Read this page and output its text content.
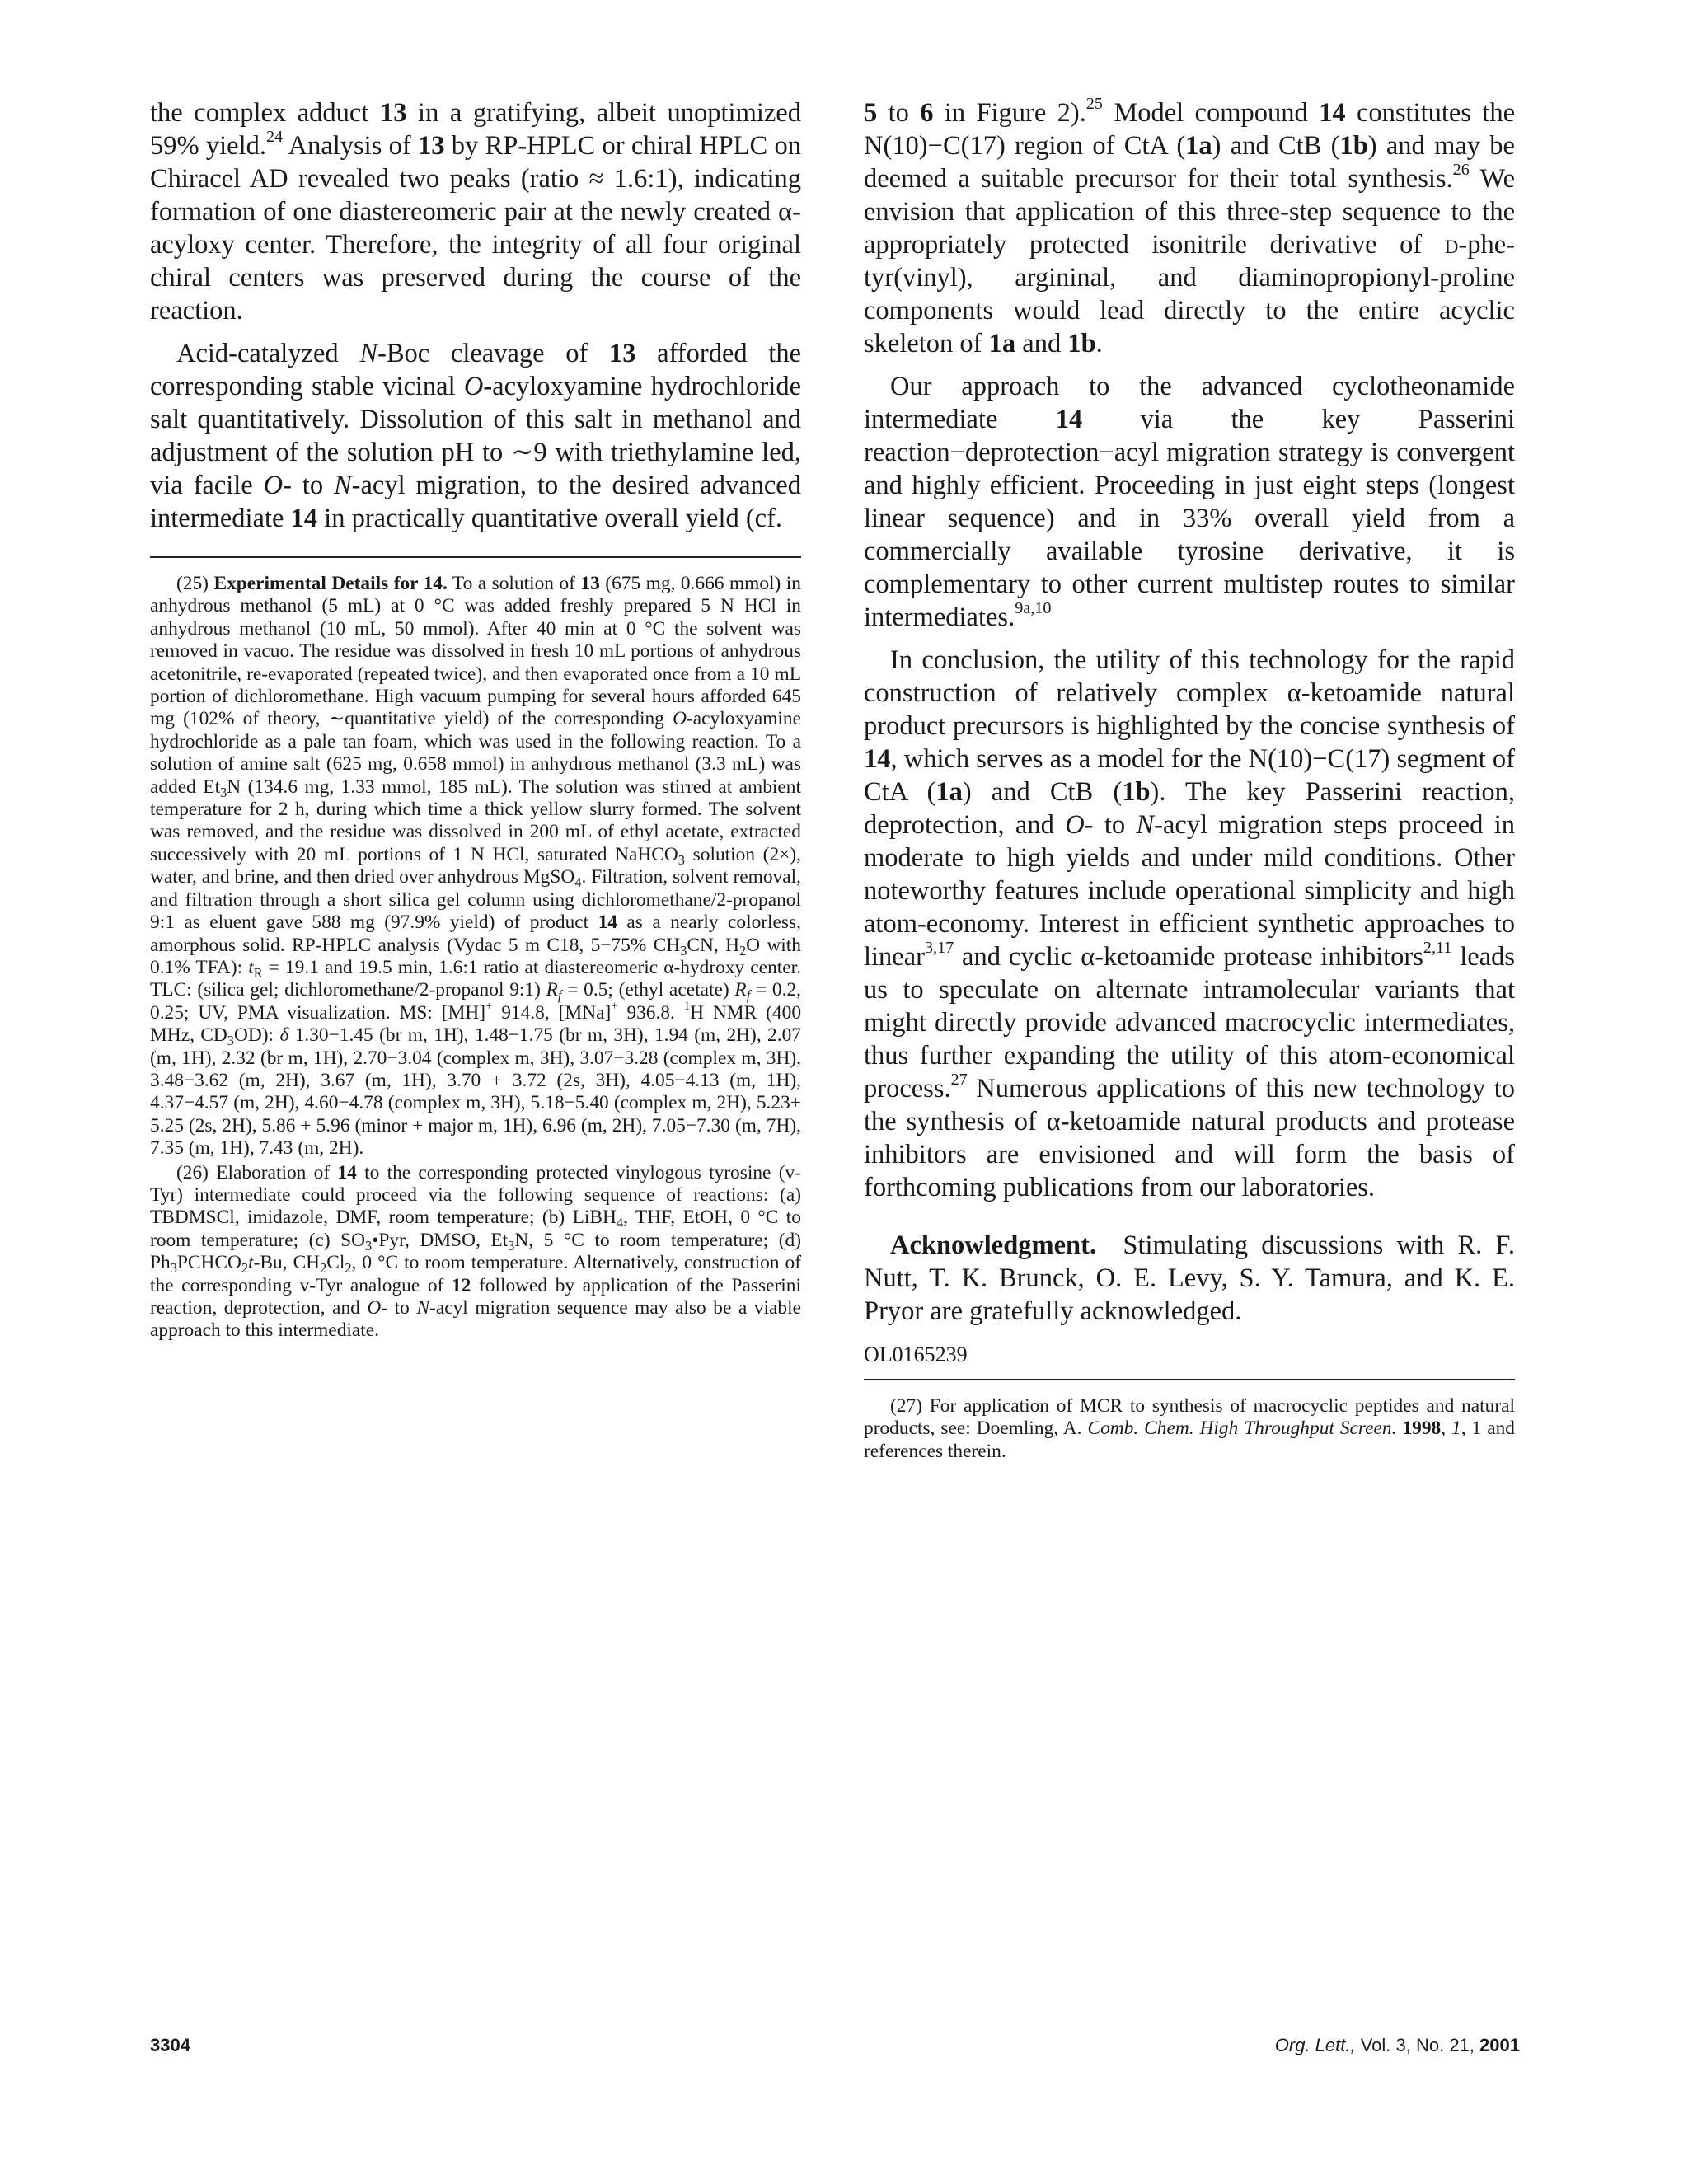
the complex adduct 13 in a gratifying, albeit unoptimized 59% yield.$^{24}$ Analysis of 13 by RP-HPLC or chiral HPLC on Chiracel AD revealed two peaks (ratio ≈ 1.6:1), indicating formation of one diastereomeric pair at the newly created α-acyloxy center. Therefore, the integrity of all four original chiral centers was preserved during the course of the reaction.

Acid-catalyzed N-Boc cleavage of 13 afforded the corresponding stable vicinal O-acyloxyamine hydrochloride salt quantitatively. Dissolution of this salt in methanol and adjustment of the solution pH to ∼9 with triethylamine led, via facile O- to N-acyl migration, to the desired advanced intermediate 14 in practically quantitative overall yield (cf.

(25) Experimental Details for 14. To a solution of 13 (675 mg, 0.666 mmol) in anhydrous methanol (5 mL) at 0 °C was added freshly prepared 5 N HCl in anhydrous methanol (10 mL, 50 mmol). After 40 min at 0 °C the solvent was removed in vacuo. The residue was dissolved in fresh 10 mL portions of anhydrous acetonitrile, re-evaporated (repeated twice), and then evaporated once from a 10 mL portion of dichloromethane. High vacuum pumping for several hours afforded 645 mg (102% of theory, ∼quantitative yield) of the corresponding O-acyloxyamine hydrochloride as a pale tan foam, which was used in the following reaction. To a solution of amine salt (625 mg, 0.658 mmol) in anhydrous methanol (3.3 mL) was added $Et_3N$ (134.6 mg, 1.33 mmol, 185 mL). The solution was stirred at ambient temperature for 2 h, during which time a thick yellow slurry formed. The solvent was removed, and the residue was dissolved in 200 mL of ethyl acetate, extracted successively with 20 mL portions of 1 N HCl, saturated NaHCO$_3$ solution (2×), water, and brine, and then dried over anhydrous MgSO$_4$. Filtration, solvent removal, and filtration through a short silica gel column using dichloromethane/2-propanol 9:1 as eluent gave 588 mg (97.9% yield) of product 14 as a nearly colorless, amorphous solid. RP-HPLC analysis (Vydac 5 m C18, 5−75% $CH_3CN$, $H_2O$ with 0.1% TFA): $t_R = 19.1$ and 19.5 min, 1.6:1 ratio at diastereomeric α-hydroxy center. TLC: (silica gel; dichloromethane/2-propanol 9:1) $R_f = 0.5$; (ethyl acetate) $R_f = 0.2$, 0.25; UV, PMA visualization. MS: [MH]+ 914.8, [MNa]+ 936.8. $^1$H NMR (400 MHz, $CD_3OD$): δ 1.30−1.45 (br m, 1H), 1.48−1.75 (br m, 3H), 1.94 (m, 2H), 2.07 (m, 1H), 2.32 (br m, 1H), 2.70−3.04 (complex m, 3H), 3.07−3.28 (complex m, 3H), 3.48−3.62 (m, 2H), 3.67 (m, 1H), 3.70 + 3.72 (2s, 3H), 4.05−4.13 (m, 1H), 4.37−4.57 (m, 2H), 4.60−4.78 (complex m, 3H), 5.18−5.40 (complex m, 2H), 5.23+ 5.25 (2s, 2H), 5.86 + 5.96 (minor + major m, 1H), 6.96 (m, 2H), 7.05−7.30 (m, 7H), 7.35 (m, 1H), 7.43 (m, 2H).

(26) Elaboration of 14 to the corresponding protected vinylogous tyrosine (v-Tyr) intermediate could proceed via the following sequence of reactions: (a) TBDMSCl, imidazole, DMF, room temperature; (b) LiBH$_4$, THF, EtOH, 0 °C to room temperature; (c) $SO_3•Pyr$, DMSO, $Et_3N$, 5 °C to room temperature; (d) $Ph_3PCHCO_2t-Bu$, $CH_2Cl_2$, 0 °C to room temperature. Alternatively, construction of the corresponding v-Tyr analogue of 12 followed by application of the Passerini reaction, deprotection, and O- to N-acyl migration sequence may also be a viable approach to this intermediate.

5 to 6 in Figure 2).$^{25}$ Model compound 14 constitutes the N(10)−C(17) region of CtA (1a) and CtB (1b) and may be deemed a suitable precursor for their total synthesis.$^{26}$ We envision that application of this three-step sequence to the appropriately protected isonitrile derivative of d-phe-tyr(vinyl), argininal, and diaminopropionyl-proline components would lead directly to the entire acyclic skeleton of 1a and 1b.

Our approach to the advanced cyclotheonamide intermediate 14 via the key Passerini reaction−deprotection−acyl migration strategy is convergent and highly efficient. Proceeding in just eight steps (longest linear sequence) and in 33% overall yield from a commercially available tyrosine derivative, it is complementary to other current multistep routes to similar intermediates.$^{9a,10}$

In conclusion, the utility of this technology for the rapid construction of relatively complex α-ketoamide natural product precursors is highlighted by the concise synthesis of 14, which serves as a model for the N(10)−C(17) segment of CtA (1a) and CtB (1b). The key Passerini reaction, deprotection, and O- to N-acyl migration steps proceed in moderate to high yields and under mild conditions. Other noteworthy features include operational simplicity and high atom-economy. Interest in efficient synthetic approaches to linear$^{3,17}$ and cyclic α-ketoamide protease inhibitors$^{2,11}$ leads us to speculate on alternate intramolecular variants that might directly provide advanced macrocyclic intermediates, thus further expanding the utility of this atom-economical process.$^{27}$ Numerous applications of this new technology to the synthesis of α-ketoamide natural products and protease inhibitors are envisioned and will form the basis of forthcoming publications from our laboratories.

Acknowledgment.  Stimulating discussions with R. F. Nutt, T. K. Brunck, O. E. Levy, S. Y. Tamura, and K. E. Pryor are gratefully acknowledged.

OL0165239

(27) For application of MCR to synthesis of macrocyclic peptides and natural products, see: Doemling, A. Comb. Chem. High Throughput Screen. 1998, 1, 1 and references therein.

3304	Org. Lett., Vol. 3, No. 21, 2001
